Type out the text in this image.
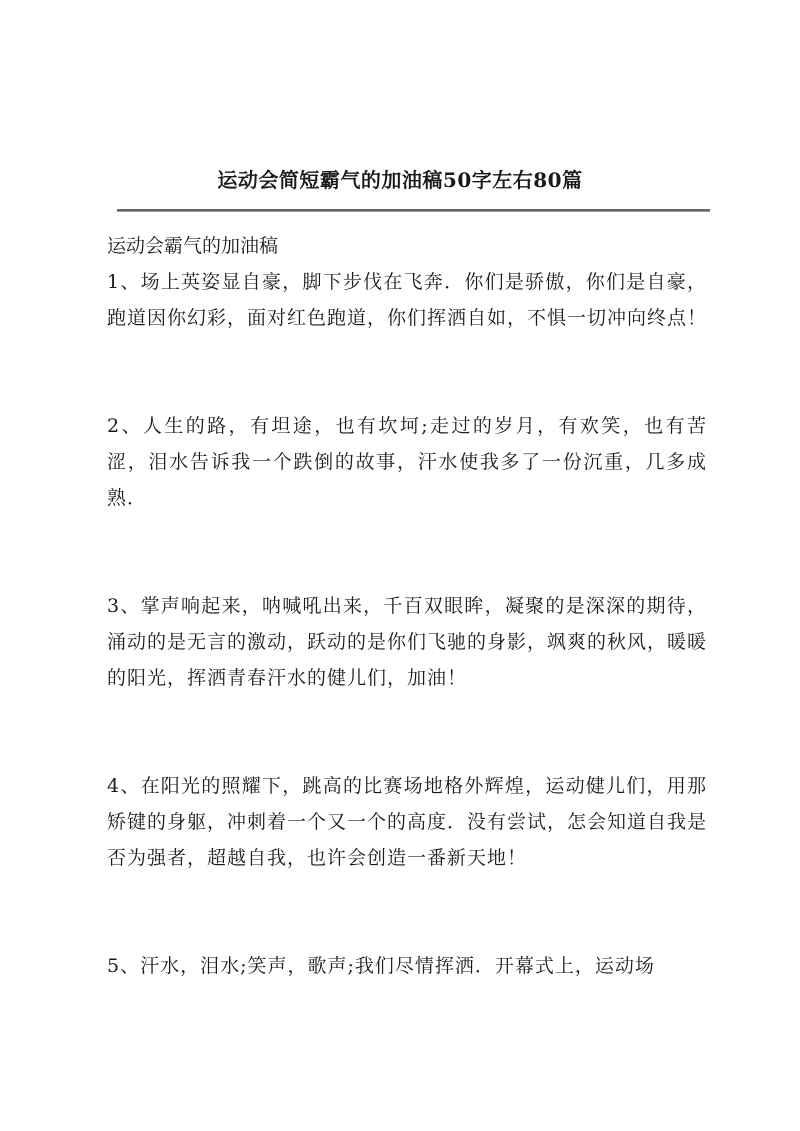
运动会简短霸气的加油稿50字左右80篇

运动会霸气的加油稿

1、场上英姿显自豪，脚下步伐在飞奔．你们是骄傲，你们是自豪，跑道因你幻彩，面对红色跑道，你们挥洒自如，不惧一切冲向终点！

2、人生的路，有坦途，也有坎坷;走过的岁月，有欢笑，也有苦涩，泪水告诉我一个跌倒的故事，汗水使我多了一份沉重，几多成熟．

3、掌声响起来，呐喊吼出来，千百双眼眸，凝聚的是深深的期待，涌动的是无言的激动，跃动的是你们飞驰的身影，飒爽的秋风，暖暖的阳光，挥洒青春汗水的健儿们，加油！

4、在阳光的照耀下，跳高的比赛场地格外辉煌，运动健儿们，用那矫键的身躯，冲刺着一个又一个的高度．没有尝试，怎会知道自我是否为强者，超越自我，也许会创造一番新天地！

5、汗水，泪水;笑声，歌声;我们尽情挥洒．开幕式上，运动场
